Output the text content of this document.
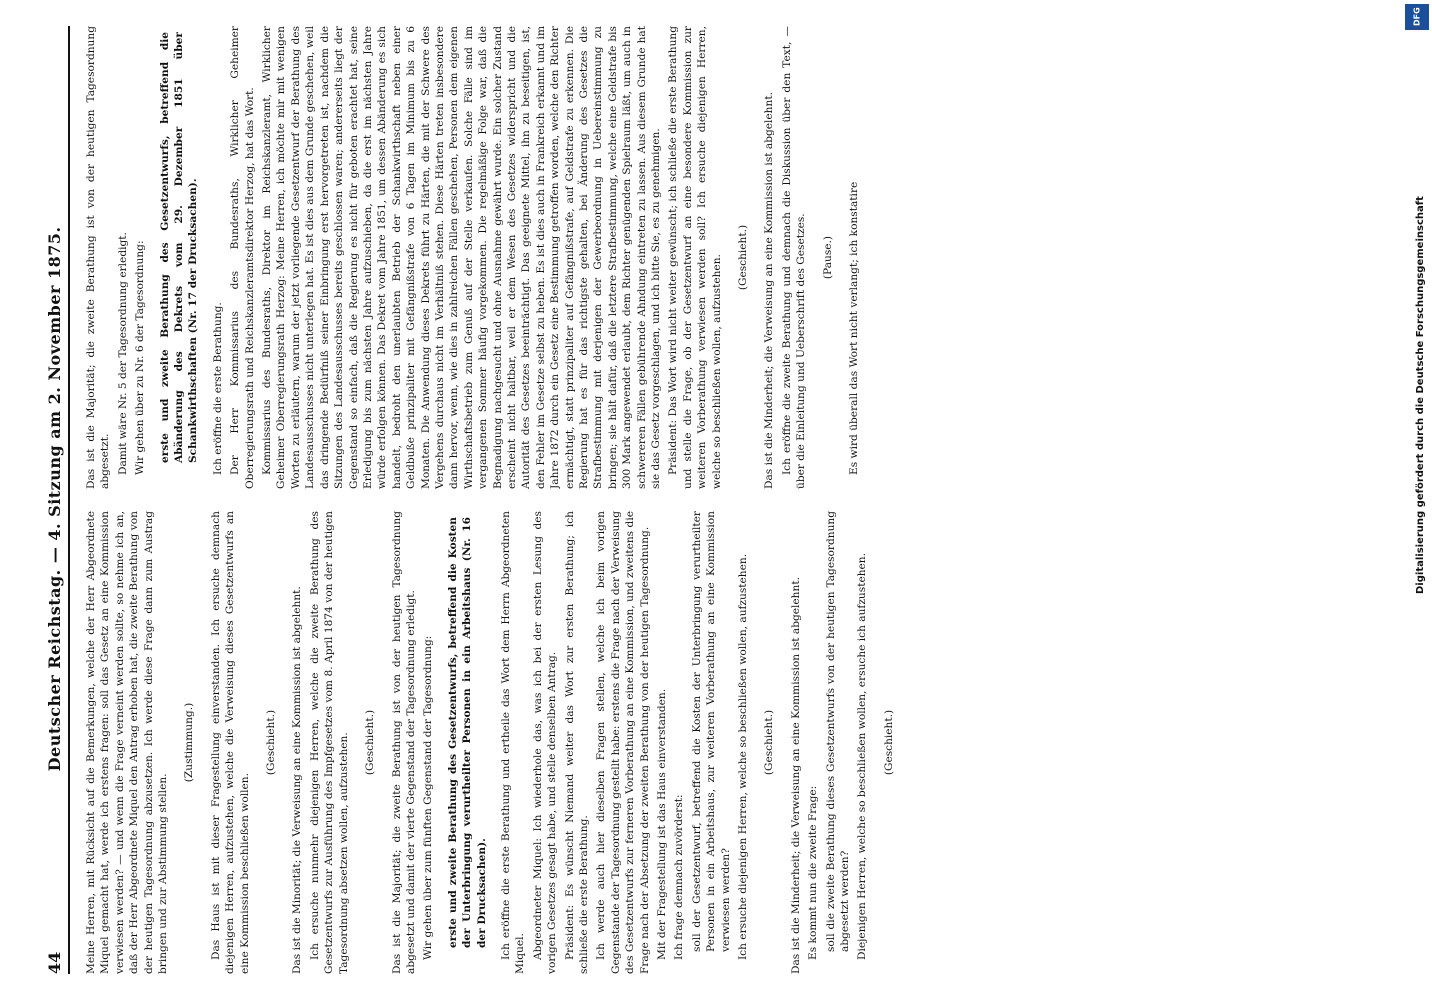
44
Deutscher Reichstag. — 4. Sitzung am 2. November 1875. Meine Herren, mit Rücksicht auf die Bemerkungen, welche der Herr Abgeordnete Miquel gemacht hat, werde ich erstens fragen: soll das Gesetz an eine Kommission verwiesen werden? — und wenn die Frage verneint werden sollte, so nehme ich an, daß der Herr Abgeordnete Miquel den Antrag erhoben hat, die zweite Berathung von der heutigen Tagesordnung abzusetzen. Ich werde diese Frage dann zum Austrag bringen und zur Abstimmung stellen.

(Zustimmung.) Das Haus ist mit dieser Fragestellung einverstanden. Ich ersuche demnach diejenigen Herren, aufzustehen, welche die Verweisung dieses Gesetzentwurfs an eine Kommission beschließen wollen.

(Geschieht.) Das ist die Minorität; die Verweisung an eine Kommission ist abgelehnt. Ich ersuche nunmehr diejenigen Herren, welche die zweite Berathung des Gesetzentwurfs zur Ausführung des Impfgesetzes vom 8. April 1874 von der heutigen Tagesordnung absetzen wollen, aufzustehen. (Geschieht.) Das ist die Majorität; die zweite Berathung ist von der heutigen Tagesordnung abgesetzt und damit der vierte Gegenstand der Tagesordnung erledigt. Wir gehen über zum fünften Gegenstand der Tagesordnung: erste und zweite Berathung des Gesetzentwurfs, betreffend die Kosten der Unterbringung verurtheilter Personen in ein Arbeitshaus (Nr. 16 der Drucksachen). Ich eröffne die erste Berathung und ertheile das Wort dem Herrn Abgeordneten Miquel. Abgeordneter Miquel: Ich wiederhole das, was ich bei der ersten Lesung des vorigen Gesetzes gesagt habe, und stelle denselben Antrag. Präsident: Es wünscht Niemand weiter das Wort zur ersten Berathung; ich schließe die erste Berathung. Ich werde auch hier dieselben Fragen stellen, welche ich beim vorigen Gegenstande der Tagesordnung gestellt habe: erstens die Frage nach der Verweisung des Gesetzentwurfs zur ferneren Vorberathung an eine Kommission, und zweitens die Frage nach der Absetzung der zweiten Berathung von der heutigen Tagesordnung. Mit der Fragestellung ist das Haus einverstanden. Ich frage demnach zuvörderst: soll der Gesetzentwurf, betreffend die Kosten der Unterbringung verurtheilter Personen in ein Arbeitshaus, zur weiteren Vorberathung an eine Kommission verwiesen werden? Ich ersuche diejenigen Herren, welche so beschließen wollen, aufzustehen. (Geschieht.) Das ist die Minderheit; die Verweisung an eine Kommission ist abgelehnt. Es kommt nun die zweite Frage: soll die zweite Berathung dieses Gesetzentwurfs von der heutigen Tagesordnung abgesetzt werden? Diejenigen Herren, welche so beschließen wollen, ersuche ich aufzustehen. (Geschieht.)

Das ist die Majorität; die zweite Berathung ist von der heutigen Tagesordnung abgesetzt. Damit wäre Nr. 5 der Tagesordnung erledigt. Wir gehen über zu Nr. 6 der Tagesordnung: erste und zweite Berathung des Gesetzentwurfs, betreffend die Abänderung des Dekrets vom 29. Dezember 1851 über Schankwirthschaften (Nr. 17 der Drucksachen). Ich eröffne die erste Berathung. Der Herr Kommissarius des Bundesraths, Wirklicher Geheimer Oberregierungsrath und Reichskanzleramtsdirektor Herzog, hat das Wort. Kommissarius des Bundesraths, Direktor im Reichskanzleramt, Wirklicher Geheimer Oberregierungsrath Herzog: Meine Herren, ich möchte mir mit wenigen Worten zu erläutern, warum der jetzt vorliegende Gesetzentwurf der Berathung des Landesausschusses nicht unterlegen hat. Es ist dies aus dem Grunde geschehen, weil das dringende Bedürfniß seiner Einbringung erst hervorgetreten ist, nachdem die Sitzungen des Landesausschusses bereits geschlossen waren; andererseits liegt der Gegenstand so einfach, daß die Regierung es nicht für geboten erachtet hat, seine Erledigung bis zum nächsten Jahre aufzuschieben, da die erst im nächsten Jahre würde erfolgen können. Das Dekret vom Jahre 1851, um dessen Abänderung es sich handelt, bedroht den unerlaubten Betrieb der Schankwirthschaft neben einer Geldbuße prinzipaliter mit Gefängnißstrafe von 6 Tagen im Minimum bis zu 6 Monaten. Die Anwendung dieses Dekrets führt zu Härten, die mit der Schwere des Vergehens durchaus nicht im Verhältniß stehen. Diese Härten treten insbesondere dann hervor, wenn, wie dies in zahlreichen Fällen geschehen, Personen dem eigenen Wirthschaftsbetrieb zum Genuß auf der Stelle verkaufen. Solche Fälle sind im vergangenen Sommer häufig vorgekommen. Die regelmäßige Folge war, daß die Begnadigung nachgesucht und ohne Ausnahme gewährt wurde. Ein solcher Zustand erscheint nicht haltbar, weil er dem Wesen des Gesetzes widerspricht und die Autorität des Gesetzes beeinträchtigt. Das geeignete Mittel, ihn zu beseitigen, ist, den Fehler im Gesetze selbst zu heben. Es ist dies auch in Frankreich erkannt und im Jahre 1872 durch ein Gesetz eine Bestimmung getroffen worden, welche den Richter ermächtigt, statt prinzipaliter auf Gefängnißstrafe, auf Geldstrafe zu erkennen. Die Regierung hat es für das richtigste gehalten, bei Änderung des Gesetzes die Strafbestimmung mit derjenigen der Gewerbeordnung in Uebereinstimmung zu bringen; sie hält dafür, daß die letztere Strafbestimmung, welche eine Geldstrafe bis 300 Mark angewendet erlaubt, dem Richter genügenden Spielraum läßt, um auch in schwereren Fällen gebührende Ahndung eintreten zu lassen. Aus diesem Grunde hat sie das Gesetz vorgeschlagen, und ich bitte Sie, es zu genehmigen. Präsident: Das Wort wird nicht weiter gewünscht; ich schließe die erste Berathung und stelle die Frage, ob der Gesetzentwurf an eine besondere Kommission zur weiteren Vorberathung verwiesen werden soll? Ich ersuche diejenigen Herren, welche so beschließen wollen, aufzustehen. (Geschieht.) Das ist die Minderheit; die Verweisung an eine Kommission ist abgelehnt. Ich eröffne die zweite Berathung und demnach die Diskussion über den Text, — über die Einleitung und Ueberschrift des Gesetzes. (Pause.) Es wird überall das Wort nicht verlangt; ich konstatire

DFG
Digitalisierung gefördert durch die Deutsche Forschungsgemeinschaft
